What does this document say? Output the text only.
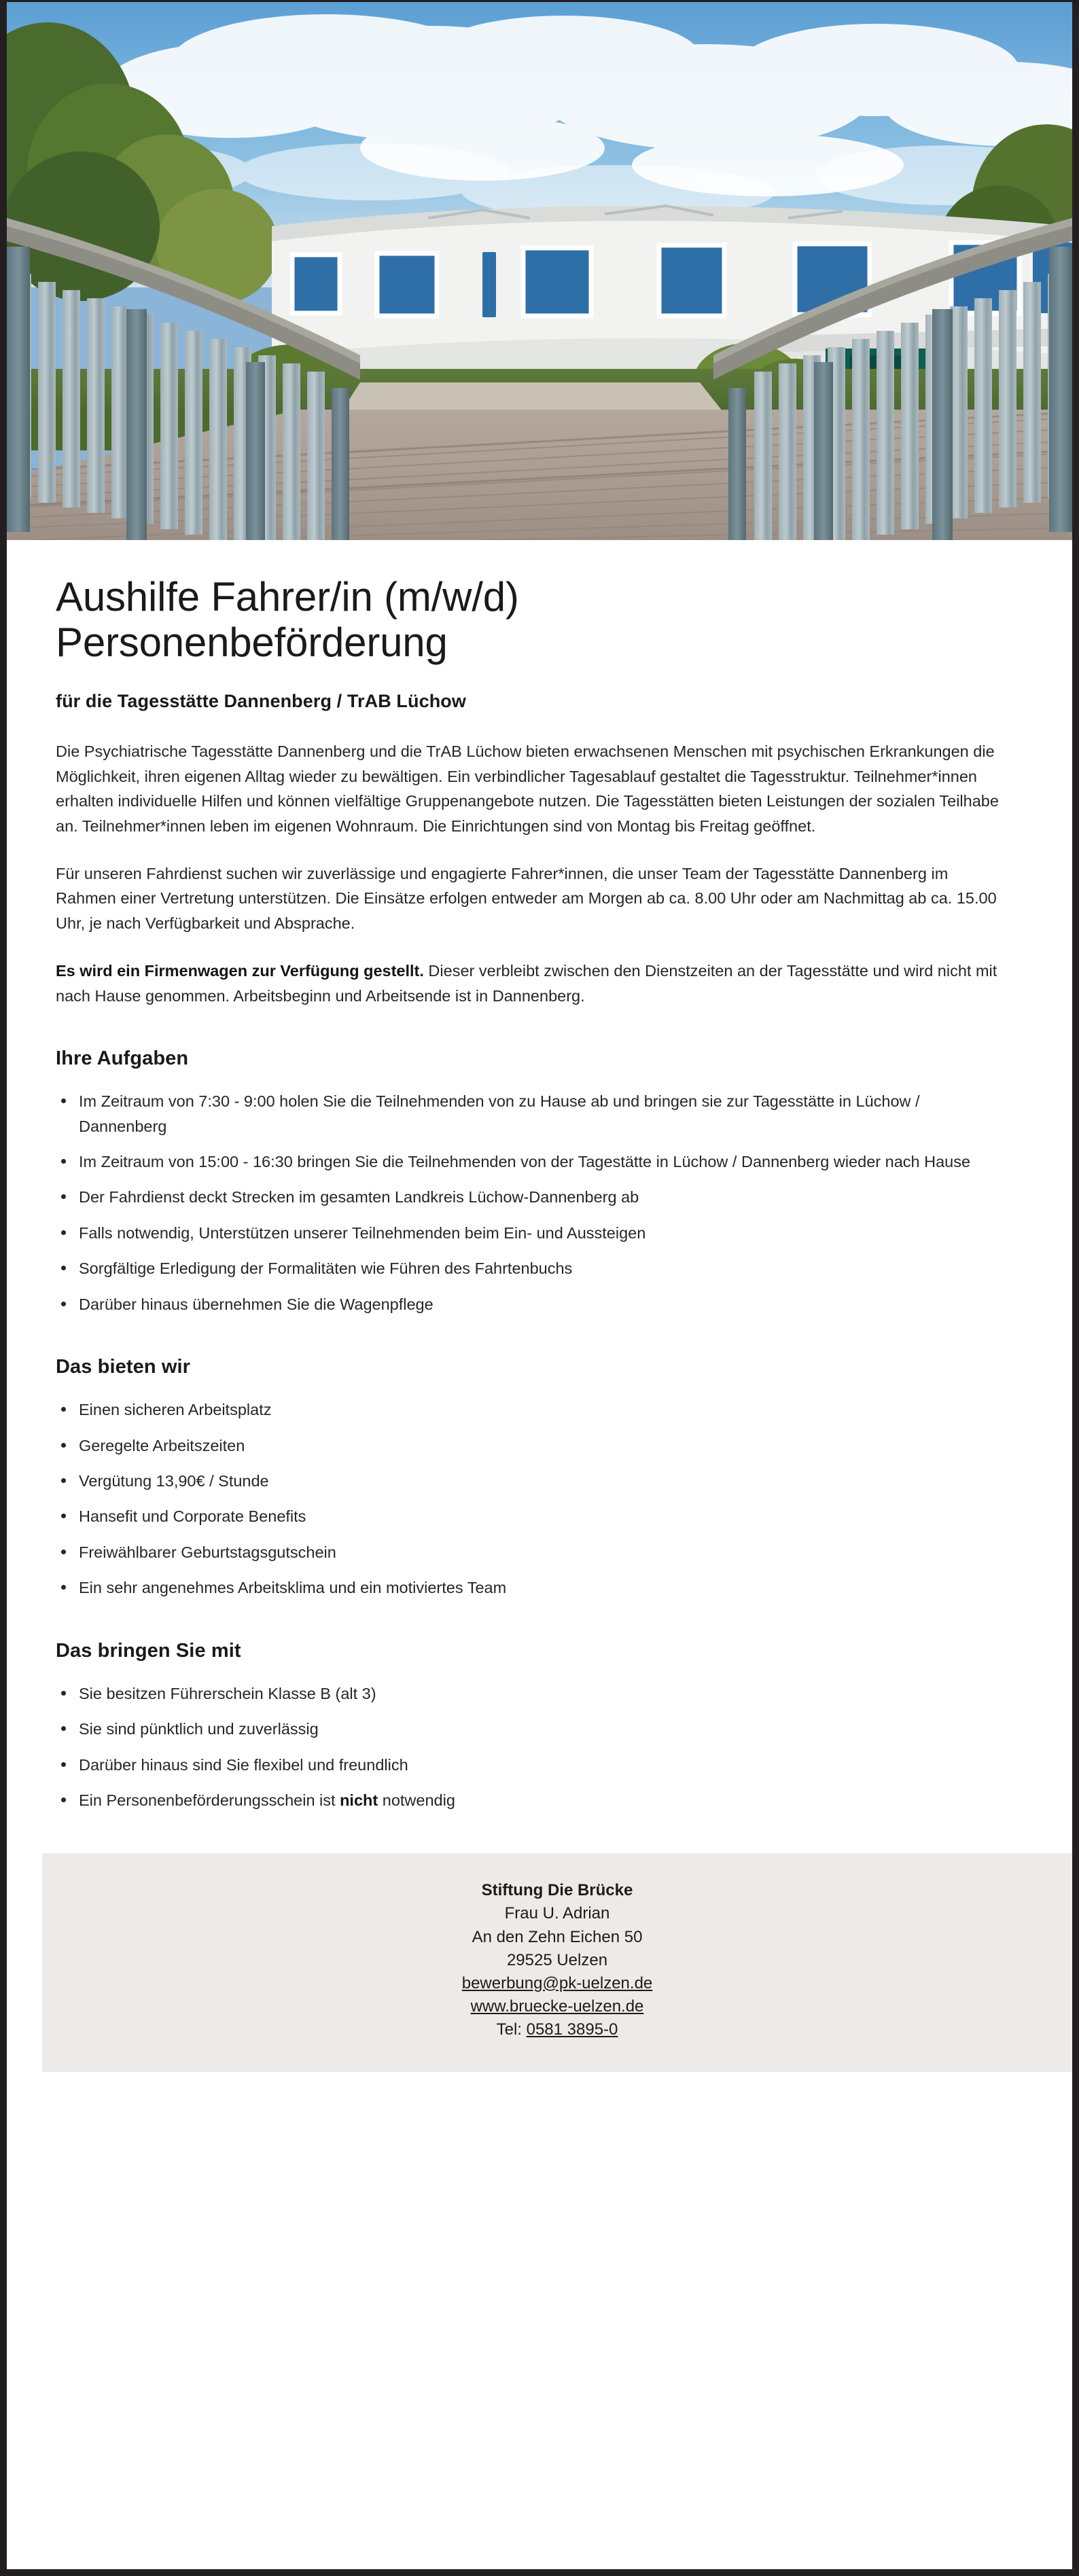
Aushilfe Fahrer/in (m/w/d)
Personenbeförderung
für die Tagesstätte Dannenberg / TrAB Lüchow

Die Psychiatrische Tagesstätte Dannenberg und die TrAB Lüchow bieten erwachsenen Menschen mit psychischen Erkrankungen die Möglichkeit, ihren eigenen Alltag wieder zu bewältigen. Ein verbindlicher Tagesablauf gestaltet die Tagesstruktur. Teilnehmer*innen erhalten individuelle Hilfen und können vielfältige Gruppenangebote nutzen. Die Tagesstätten bieten Leistungen der sozialen Teilhabe an. Teilnehmer*innen leben im eigenen Wohnraum. Die Einrichtungen sind von Montag bis Freitag geöffnet.

Für unseren Fahrdienst suchen wir zuverlässige und engagierte Fahrer*innen, die unser Team der Tagesstätte Dannenberg im Rahmen einer Vertretung unterstützen. Die Einsätze erfolgen entweder am Morgen ab ca. 8.00 Uhr oder am Nachmittag ab ca. 15.00 Uhr, je nach Verfügbarkeit und Absprache.

Es wird ein Firmenwagen zur Verfügung gestellt. Dieser verbleibt zwischen den Dienstzeiten an der Tagesstätte und wird nicht mit nach Hause genommen. Arbeitsbeginn und Arbeitsende ist in Dannenberg.

Ihre Aufgaben
Im Zeitraum von 7:30 - 9:00 holen Sie die Teilnehmenden von zu Hause ab und bringen sie zur Tagesstätte in Lüchow / Dannenberg
Im Zeitraum von 15:00 - 16:30 bringen Sie die Teilnehmenden von der Tagestätte in Lüchow / Dannenberg wieder nach Hause
Der Fahrdienst deckt Strecken im gesamten Landkreis Lüchow-Dannenberg ab
Falls notwendig, Unterstützen unserer Teilnehmenden beim Ein- und Aussteigen
Sorgfältige Erledigung der Formalitäten wie Führen des Fahrtenbuchs
Darüber hinaus übernehmen Sie die Wagenpflege
Das bieten wir
Einen sicheren Arbeitsplatz
Geregelte Arbeitszeiten
Vergütung 13,90€ / Stunde
Hansefit und Corporate Benefits
Freiwählbarer Geburtstagsgutschein
Ein sehr angenehmes Arbeitsklima und ein motiviertes Team
Das bringen Sie mit
Sie besitzen Führerschein Klasse B (alt 3)
Sie sind pünktlich und zuverlässig
Darüber hinaus sind Sie flexibel und freundlich
Ein Personenbeförderungsschein ist nicht notwendig
Stiftung Die Brücke
Frau U. Adrian
An den Zehn Eichen 50
29525 Uelzen
bewerbung@pk-uelzen.de
www.bruecke-uelzen.de
Tel: 0581 3895-0
